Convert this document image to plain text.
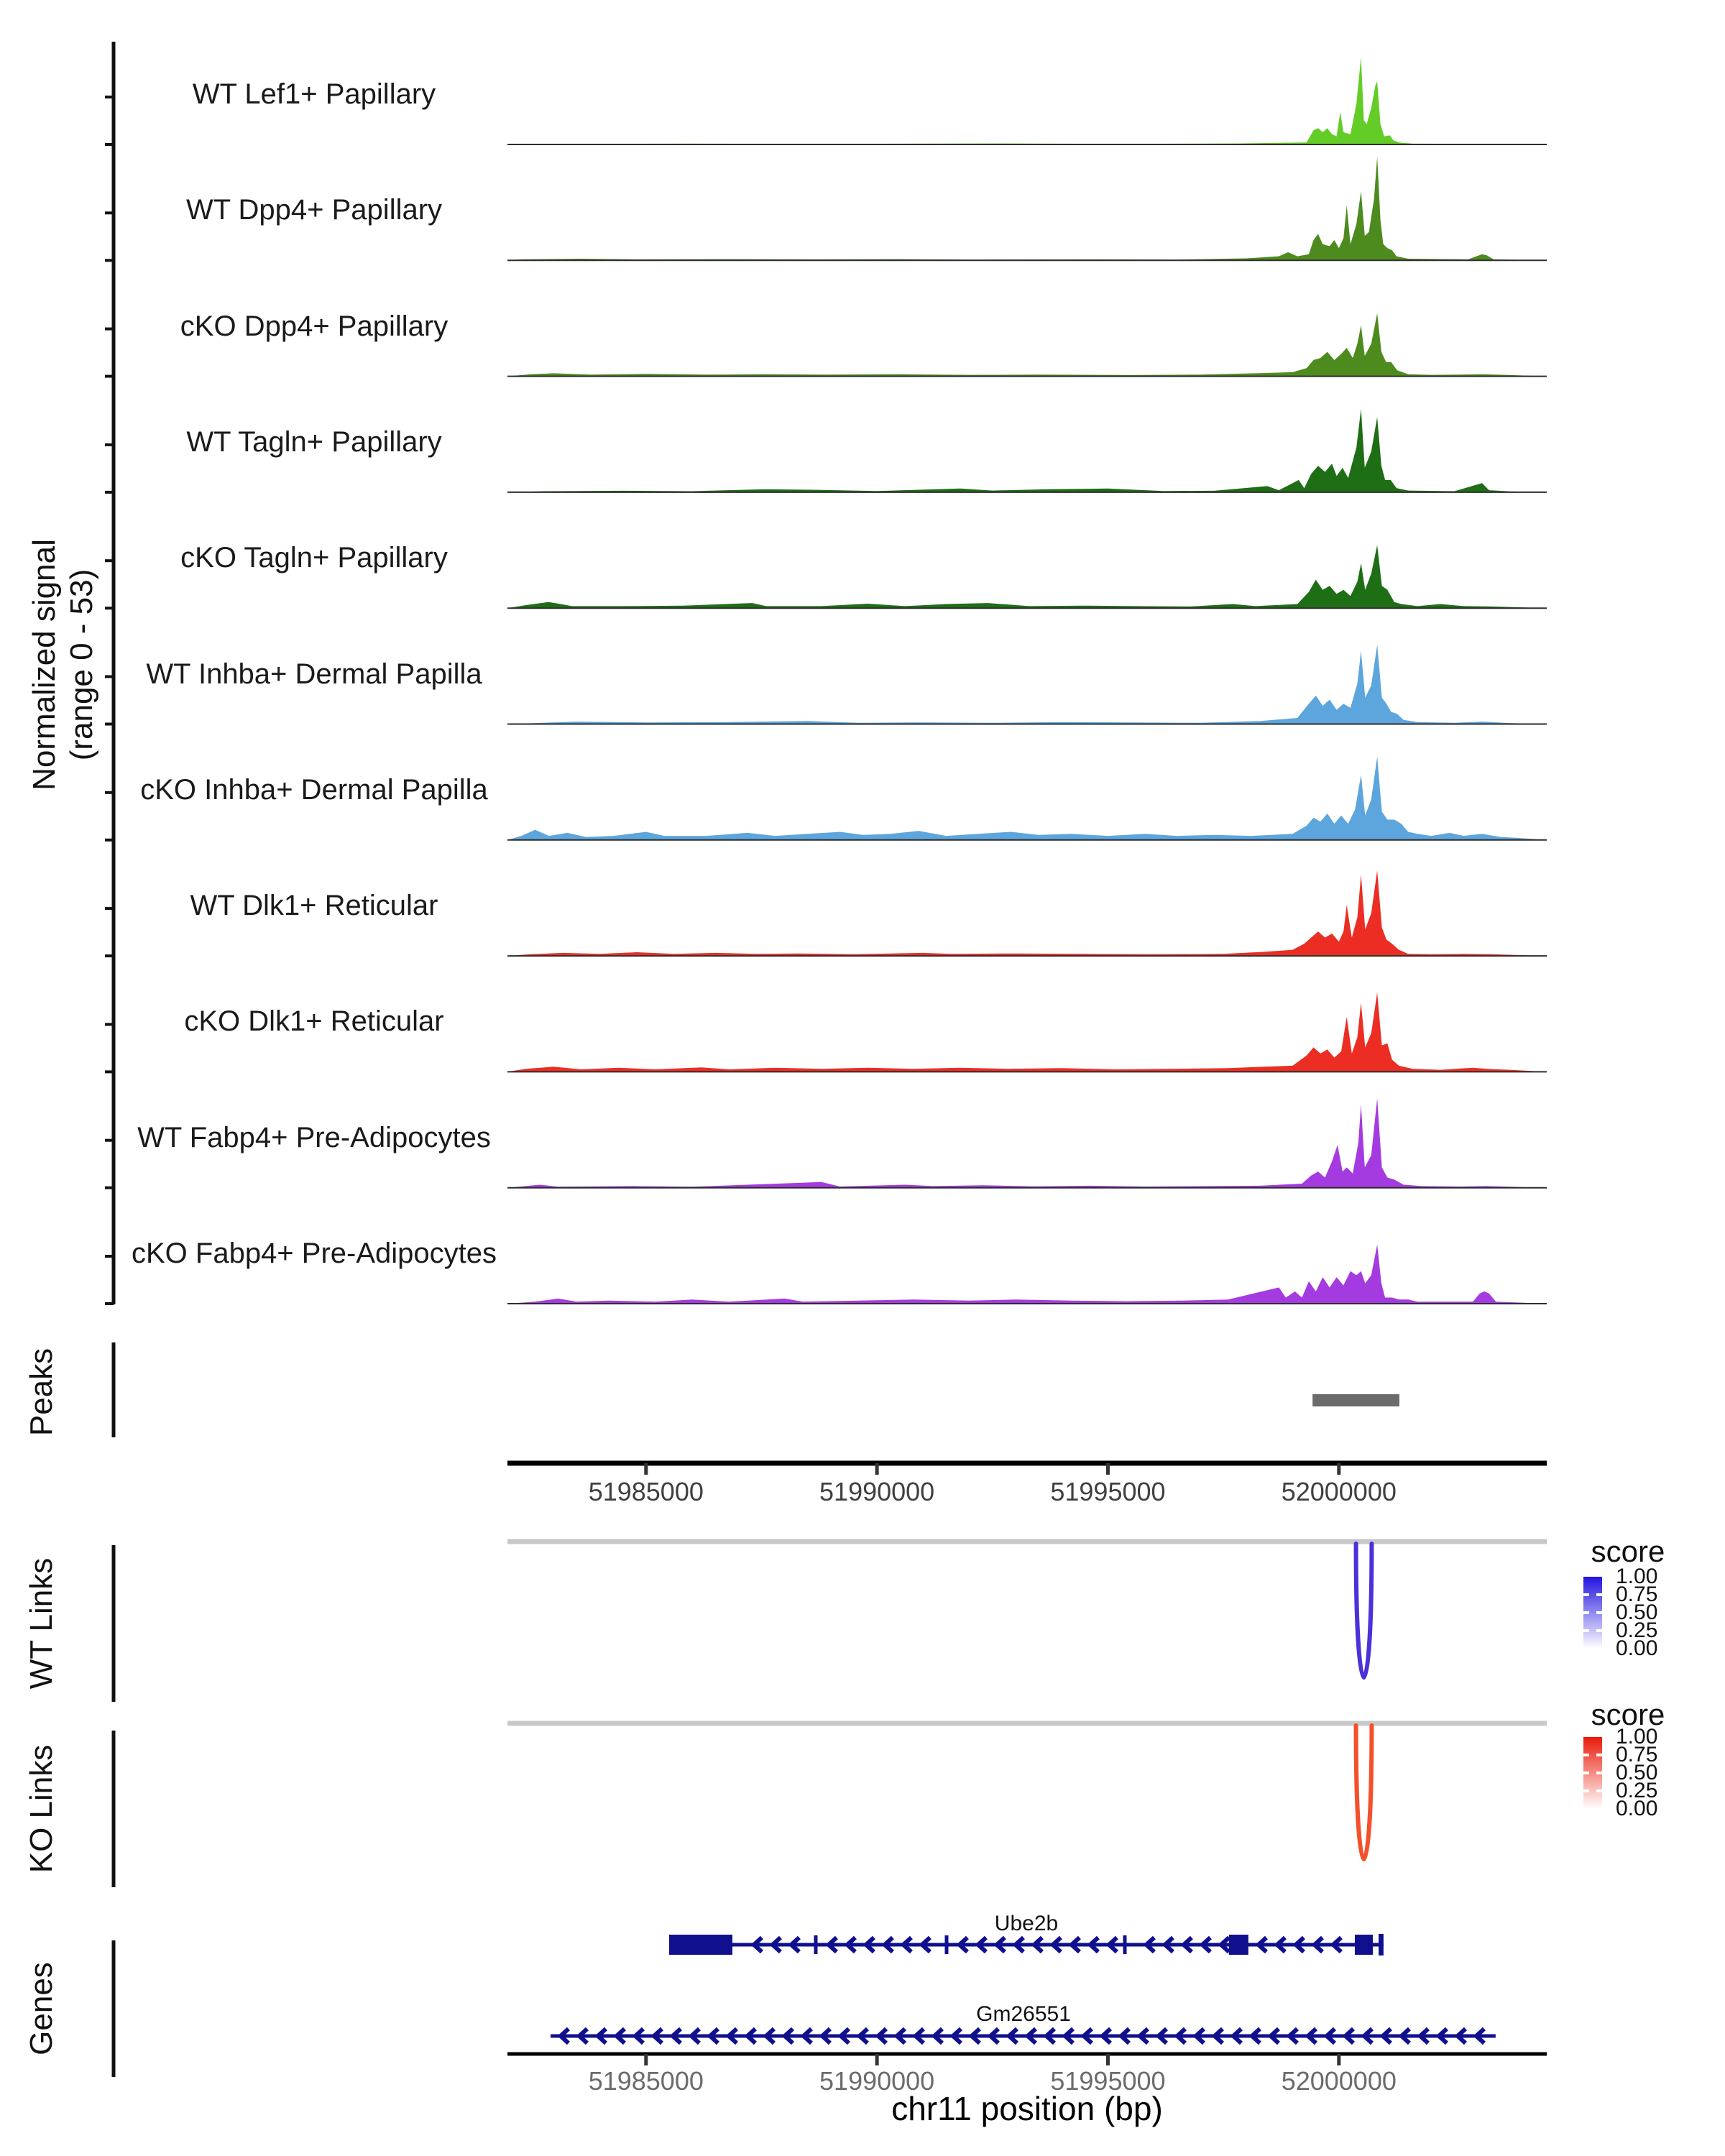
Normalized signal (range 0 - 53)
Peaks
WT Links
KO Links
Genes
score
score
Ube2b
Gm26551
chr11 position (bp)
WT Lef1+ Papillary
WT Dpp4+ Papillary
cKO Dpp4+ Papillary
WT Tagln+ Papillary
cKO Tagln+ Papillary
WT Inhba+ Dermal Papilla
cKO Inhba+ Dermal Papilla
WT Dlk1+ Reticular
cKO Dlk1+ Reticular
WT Fabp4+ Pre-Adipocytes
cKO Fabp4+ Pre-Adipocytes
51985000	51990000	51995000	52000000
51985000	51990000	51995000	52000000
1.00
0.75
0.50
0.25
0.00
1.00
0.75
0.50
0.25
0.00
